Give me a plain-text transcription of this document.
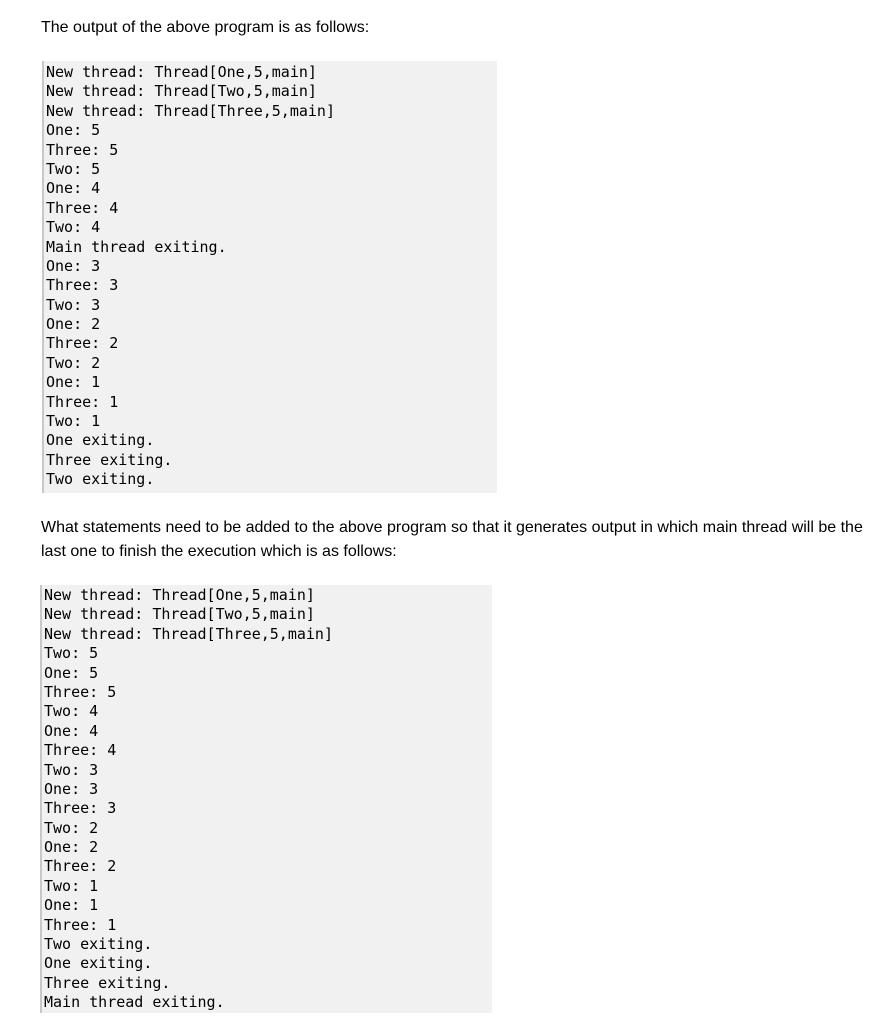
The output of the above program is as follows:

New thread: Thread[One,5,main]
New thread: Thread[Two,5,main]
New thread: Thread[Three,5,main]
One: 5
Three: 5
Two: 5
One: 4
Three: 4
Two: 4
Main thread exiting.
One: 3
Three: 3
Two: 3
One: 2
Three: 2
Two: 2
One: 1
Three: 1
Two: 1
One exiting.
Three exiting.
Two exiting.

What statements need to be added to the above program so that it generates output in which main thread will be the last one to finish the execution which is as follows:

New thread: Thread[One,5,main]
New thread: Thread[Two,5,main]
New thread: Thread[Three,5,main]
Two: 5
One: 5
Three: 5
Two: 4
One: 4
Three: 4
Two: 3
One: 3
Three: 3
Two: 2
One: 2
Three: 2
Two: 1
One: 1
Three: 1
Two exiting.
One exiting.
Three exiting.
Main thread exiting.
